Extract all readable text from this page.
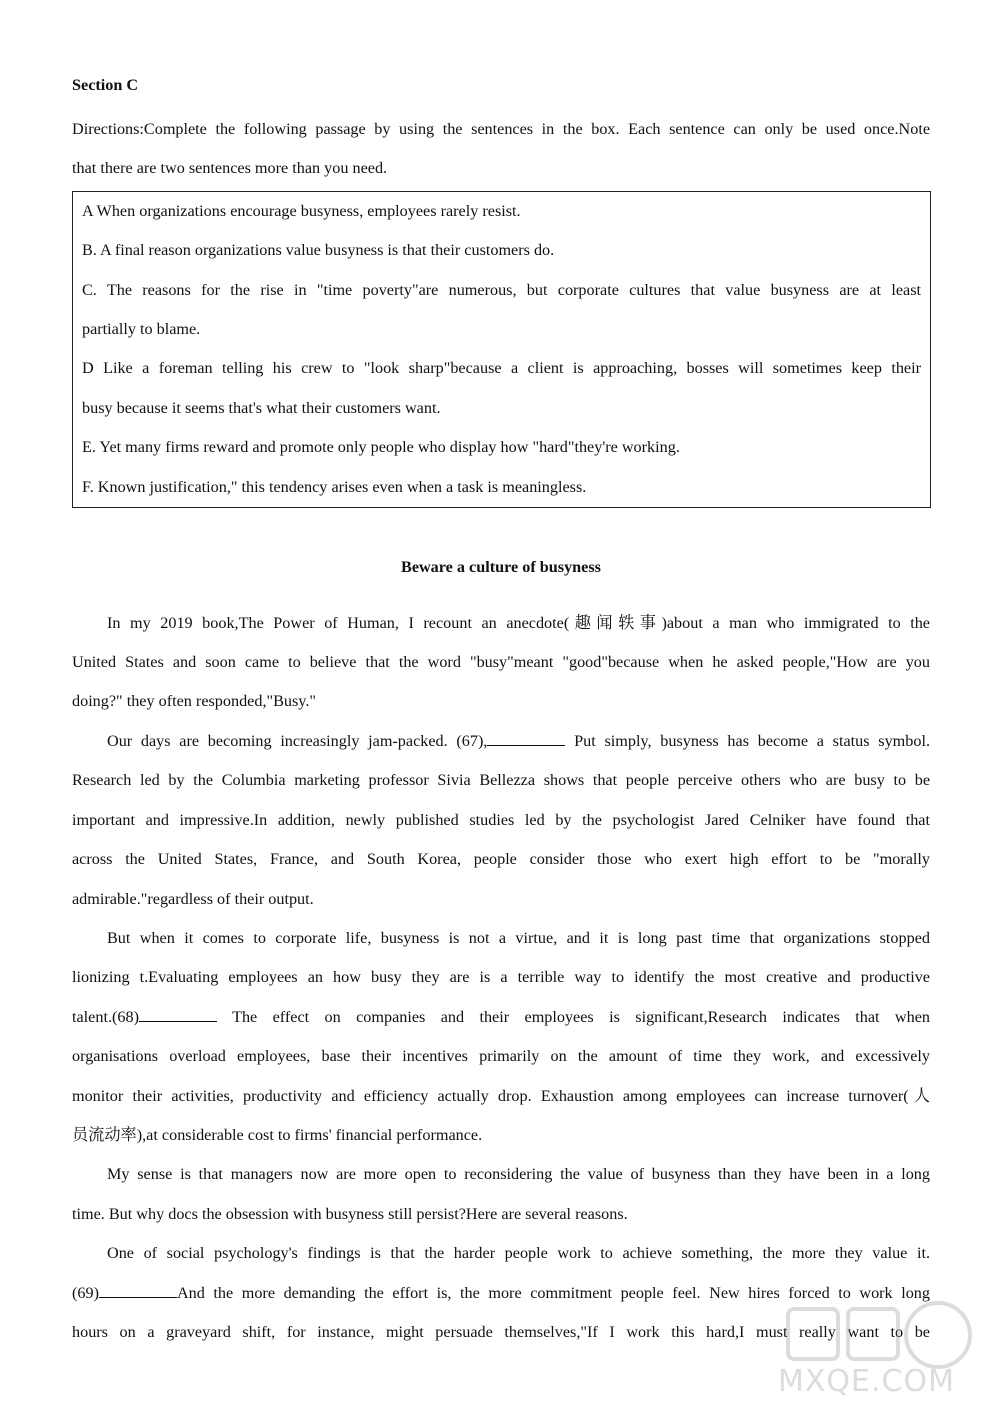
Section C

Directions:Complete the following passage by using the sentences in the box. Each sentence can only be used once.Note

that there are two sentences more than you need.

A When organizations encourage busyness, employees rarely resist.

B. A final reason organizations value busyness is that their customers do.

C. The reasons for the rise in "time poverty"are numerous, but corporate cultures that value busyness are at least

partially to blame.

D Like a foreman telling his crew to "look sharp"because a client is approaching, bosses will sometimes keep their

busy because it seems that's what their customers want.

E. Yet many firms reward and promote only people who display how "hard"they're working.

F. Known justification," this tendency arises even when a task is meaningless.

Beware a culture of busyness

In my 2019 book,The Power of Human, I recount an anecdote(趣闻轶事)about a man who immigrated to the

United States and soon came to believe that the word "busy"meant "good"because when he asked people,"How are you

doing?" they often responded,"Busy."

Our days are becoming increasingly jam-packed. (67),	Put simply, busyness has become a status symbol.

Research led by the Columbia marketing professor Sivia Bellezza shows that people perceive others who are busy to be

important and impressive.In addition, newly published studies led by the psychologist Jared Celniker have found that

across the United States, France, and South Korea, people consider those who exert high effort to be "morally

admirable."regardless of their output.

But when it comes to corporate life, busyness is not a virtue, and it is long past time that organizations stopped

lionizing t.Evaluating employees an how busy they are is a terrible way to identify the most creative and productive

talent.(68)	The effect on companies and their employees is significant,Research indicates that when

organisations overload employees, base their incentives primarily on the amount of time they work, and excessively

monitor their activities, productivity and efficiency actually drop. Exhaustion among employees can increase turnover(人

员流动率),at considerable cost to firms' financial performance.

My sense is that managers now are more open to reconsidering the value of busyness than they have been in a long

time. But why docs the obsession with busyness still persist?Here are several reasons.

One of social psychology's findings is that the harder people work to achieve something, the more they value it.

(69)	And the more demanding the effort is, the more commitment people feel. New hires forced to work long

hours on a graveyard shift, for instance, might persuade themselves,"If I work this hard,I must really want to be

MXQE.COM
